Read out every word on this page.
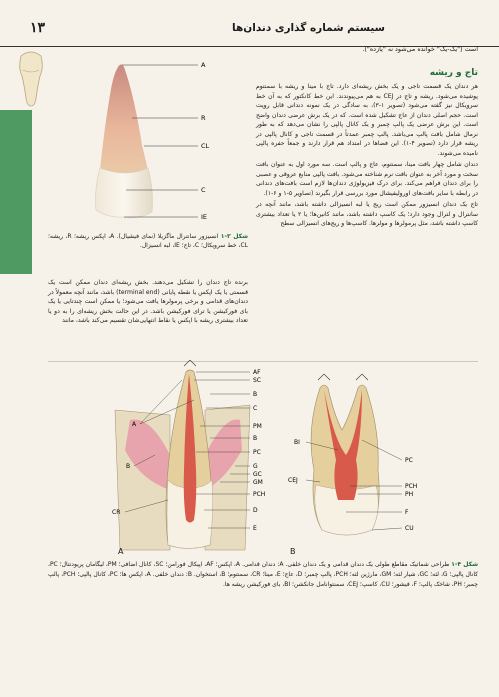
۱۳	سیستم شماره گذاری دندان‌ها
است ("یک-یک" خوانده می‌شود نه "یازده").
تاج و ریشه

هر دندان یک قسمت تاجی و یک بخش ریشه‌ای دارد. تاج با مینا و ریشه با سمنتوم پوشیده می‌شود. ریشه و تاج در CEJ به هم می‌پیوندند. این خط کانکتور که به آن خط سرویکال نیز گفته می‌شود (تصویر ۱-۳)، به سادگی در یک نمونه دندانی قابل رویت است. حجم اصلی دندان از عاج تشکیل شده است. که در یک برش عرضی دندان واضح است. این برش عرضی یک پالپ چمبر و یک کانال پالپی را نشان می‌دهد که به طور نرمال شامل بافت پالپ می‌باشد. پالپ چمبر عمدتاً در قسمت تاجی و کانال پالپی در ریشه قرار دارد (تصویر ۴-۱). این فضاها در امتداد هم قرار دارند و جمعاً حفره پالپی نامیده می‌شوند.

دندان شامل چهار بافت مینا، سمنتوم، عاج و پالپ است. سه مورد اول به عنوان بافت سخت و مورد آخر به عنوان بافت نرم شناخته می‌شود. بافت پالپی منابع عروقی و عصبی را برای دندان فراهم می‌کند. برای درک فیزیولوژی دندان‌ها لازم است بافت‌های دندانی در رابطه با سایر بافت‌های اورولیفیشال مورد بررسی قرار بگیرند (تصاویر ۵-۱ و ۶-۱).

تاج یک دندان انسیزور ممکن است ریج یا لبه انسیزالی داشته باشد، مانند آنچه در سانترال و لترال وجود دارد؛ یک کاسپ داشته باشد، مانند کانین‌ها؛ یا ۲ یا تعداد بیشتری کاسپ داشته باشد، مثل پرمولرها و مولرها. کاسپ‌ها و ریج‌های انسیزالی سطح

A
R
CL
C
IE
شکل ۳-۱ انسیزور سانترال ماگزیلا (نمای فیشیال). A، اپکس ریشه؛ R، ریشه؛ CL، خط سرویکال؛ C، تاج؛ IE، لبه انسیزال.

برنده تاج دندان را تشکیل می‌دهند. بخش ریشه‌ای دندان ممکن است یک قسمتی یا یک اپکس یا نقطه پایانی (terminal end) باشد، مانند آنچه معمولاً در دندان‌های قدامی و برخی پرمولرها یافت می‌شود؛ یا ممکن است چندتایی یا یک بای فورکیشن یا ترای فورکیشن باشد. در این حالت بخش ریشه‌ای را به دو یا تعداد بیشتری ریشه با اپکس یا نقاط انتهایی‌شان تقسیم می‌کند باشد، مانند

AF
SC
B
C
PM
B
PC
G
GC
GM
PCH
D
E
A
B
CR
PC
PCH
PH
F
CU
BI
CEJ
A	B
شکل ۴-۱ طراحی شماتیک مقاطع طولی یک دندان قدامی و یک دندان خلفی. A: دندان قدامی. A، اپکس؛ AF، اپیکال فورامن؛ SC، کانال اضافی؛ PM، لیگامان پریودنتال؛ PC، کانال پالپی؛ G، لثه؛ GC، شیار لثه؛ GM، مارژین لثه؛ PCH، پالپ چمبر؛ D، عاج؛ E، مینا؛ CR، سمنتوم؛ B، استخوان. B: دندان خلفی. A، اپکس ها؛ PC، کانال پالپی؛ PCH، پالپ چمبر؛ PH، شاخک پالپ؛ F، فیشور؛ CU، کاسپ؛ CEJ، سمنتوانامل جانکشن؛ BI، بای فورکیشن ریشه ها.
